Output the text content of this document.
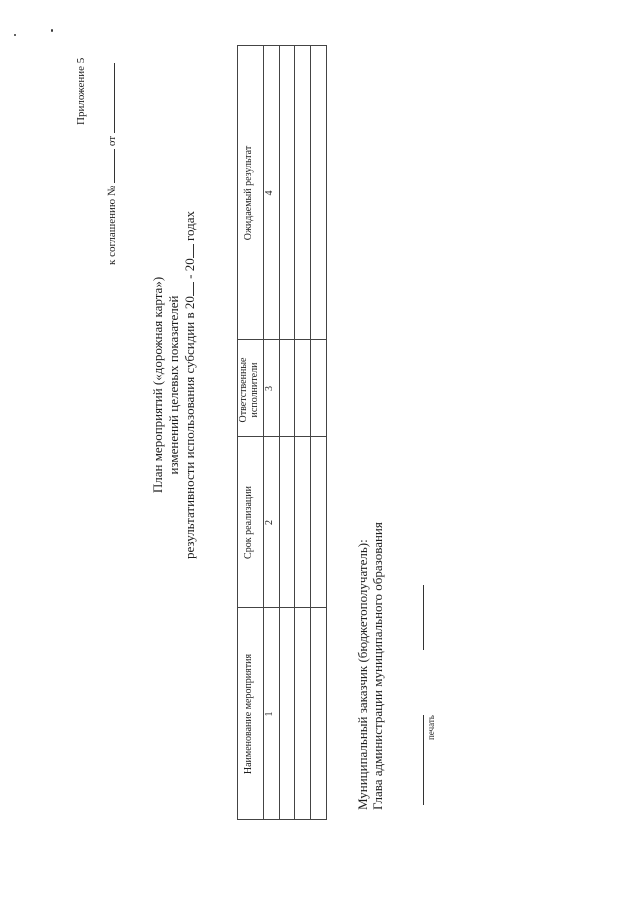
Приложение 5
к соглашению №  от
План мероприятий («дорожная карта») изменений целевых показателей результативности использования субсидии в 20 - 20 годах
Наименование мероприятия
Срок реализации
Ответственные исполнители
Ожидаемый результат
1
2
3
4
Муниципальный заказчик (бюджетополучатель): Глава администрации муниципального образования	печать
